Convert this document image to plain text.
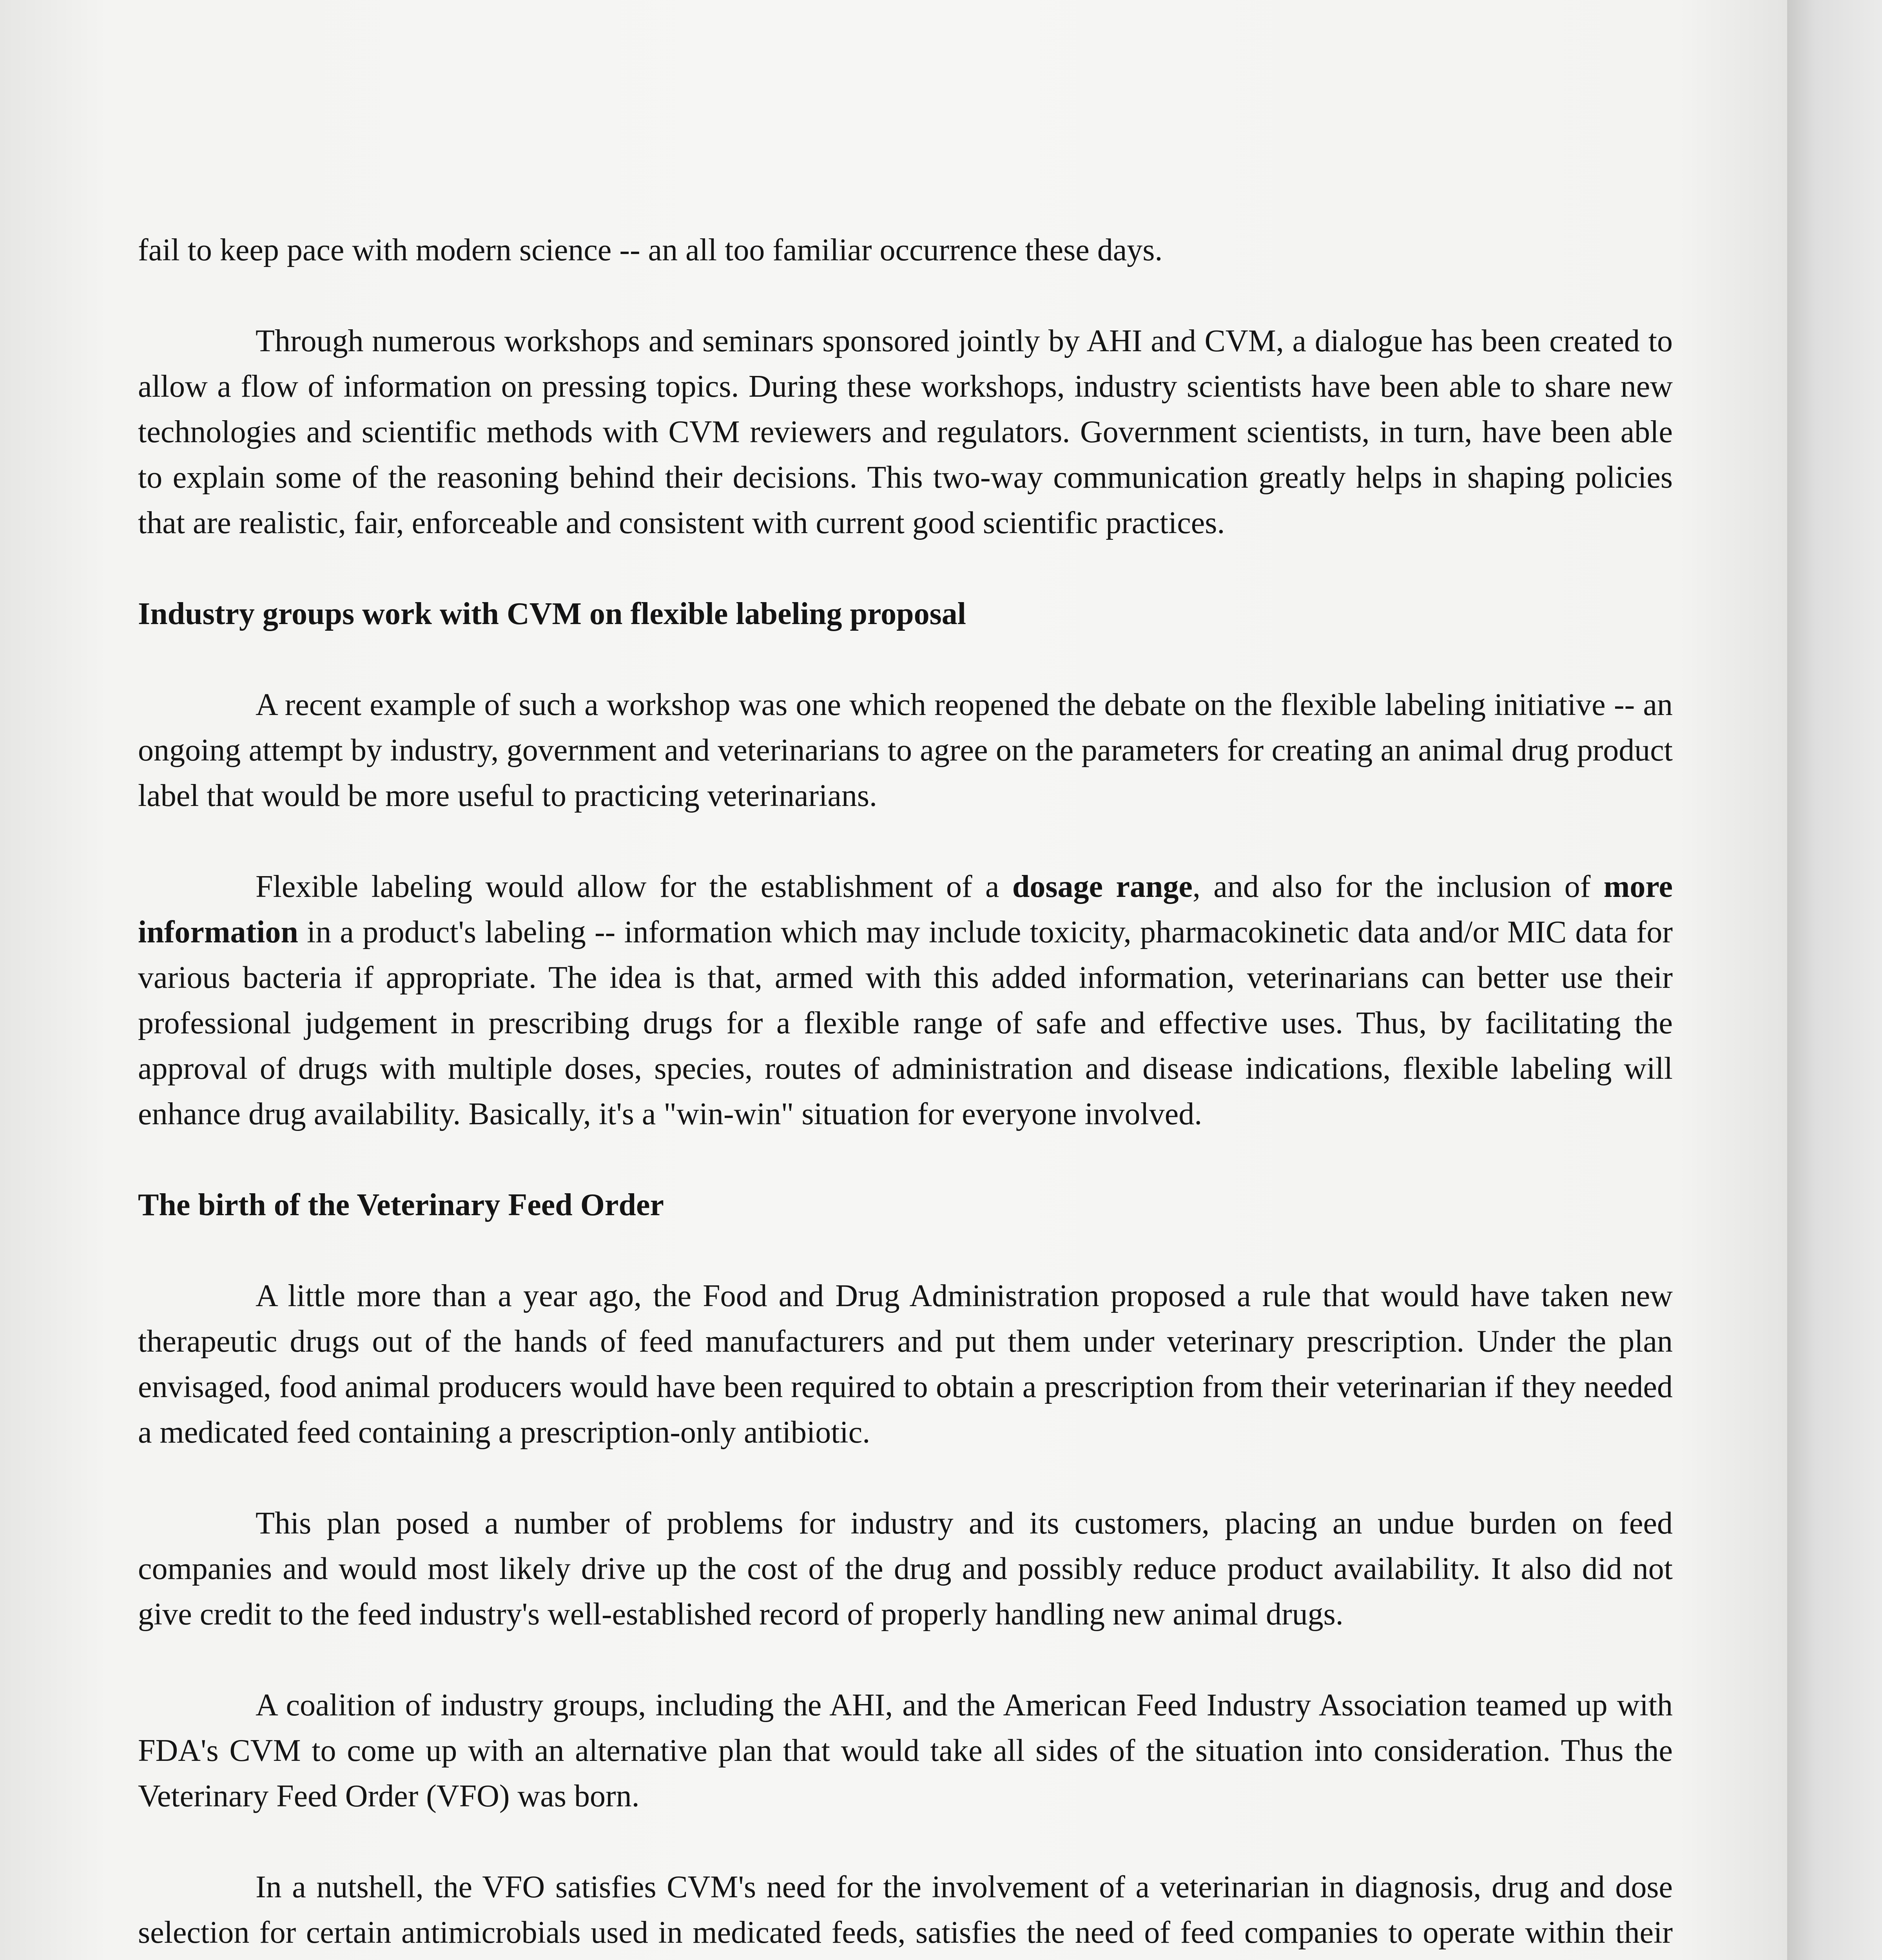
fail to keep pace with modern science -- an all too familiar occurrence these days.

Through numerous workshops and seminars sponsored jointly by AHI and CVM, a dialogue has been created to allow a flow of information on pressing topics. During these workshops, industry scientists have been able to share new technologies and scientific methods with CVM reviewers and regulators. Government scientists, in turn, have been able to explain some of the reasoning behind their decisions. This two-way communication greatly helps in shaping policies that are realistic, fair, enforceable and consistent with current good scientific practices.

Industry groups work with CVM on flexible labeling proposal

A recent example of such a workshop was one which reopened the debate on the flexible labeling initiative -- an ongoing attempt by industry, government and veterinarians to agree on the parameters for creating an animal drug product label that would be more useful to practicing veterinarians.

Flexible labeling would allow for the establishment of a dosage range, and also for the inclusion of more information in a product's labeling -- information which may include toxicity, pharmacokinetic data and/or MIC data for various bacteria if appropriate. The idea is that, armed with this added information, veterinarians can better use their professional judgement in prescribing drugs for a flexible range of safe and effective uses. Thus, by facilitating the approval of drugs with multiple doses, species, routes of administration and disease indications, flexible labeling will enhance drug availability. Basically, it's a "win-win" situation for everyone involved.

The birth of the Veterinary Feed Order

A little more than a year ago, the Food and Drug Administration proposed a rule that would have taken new therapeutic drugs out of the hands of feed manufacturers and put them under veterinary prescription. Under the plan envisaged, food animal producers would have been required to obtain a prescription from their veterinarian if they needed a medicated feed containing a prescription-only antibiotic.

This plan posed a number of problems for industry and its customers, placing an undue burden on feed companies and would most likely drive up the cost of the drug and possibly reduce product availability. It also did not give credit to the feed industry's well-established record of properly handling new animal drugs.

A coalition of industry groups, including the AHI, and the American Feed Industry Association teamed up with FDA's CVM to come up with an alternative plan that would take all sides of the situation into consideration. Thus the Veterinary Feed Order (VFO) was born.

In a nutshell, the VFO satisfies CVM's need for the involvement of a veterinarian in diagnosis, drug and dose selection for certain antimicrobials used in medicated feeds, satisfies the need of feed companies to operate within their
